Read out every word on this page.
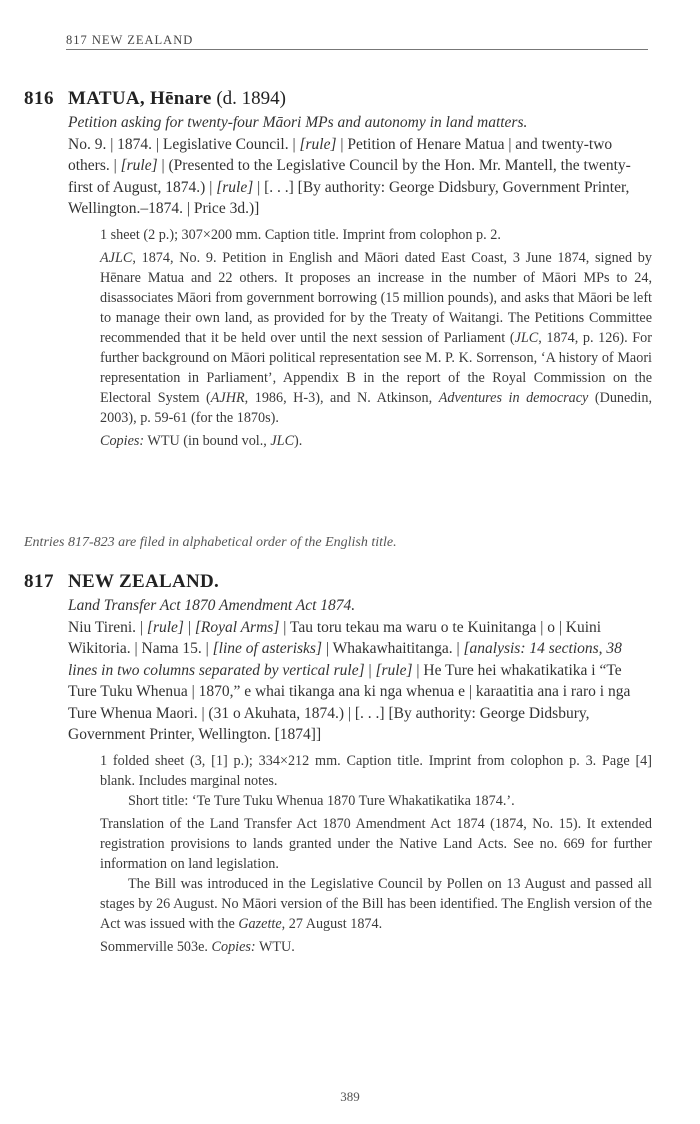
817 NEW ZEALAND
816 MATUA, Hēnare (d. 1894)
Petition asking for twenty-four Māori MPs and autonomy in land matters.
No. 9. | 1874. | Legislative Council. | [rule] | Petition of Henare Matua | and twenty-two others. | [rule] | (Presented to the Legislative Council by the Hon. Mr. Mantell, the twenty-first of August, 1874.) | [rule] | [. . .] [By authority: George Didsbury, Government Printer, Wellington.–1874. | Price 3d.)]
1 sheet (2 p.); 307×200 mm. Caption title. Imprint from colophon p. 2.
AJLC, 1874, No. 9. Petition in English and Māori dated East Coast, 3 June 1874, signed by Hēnare Matua and 22 others. It proposes an increase in the number of Māori MPs to 24, disassociates Māori from government borrowing (15 million pounds), and asks that Māori be left to manage their own land, as provided for by the Treaty of Waitangi. The Petitions Committee recommended that it be held over until the next session of Parliament (JLC, 1874, p. 126). For further background on Māori political representation see M. P. K. Sorrenson, ‘A history of Maori representation in Parliament’, Appendix B in the report of the Royal Commission on the Electoral System (AJHR, 1986, H-3), and N. Atkinson, Adventures in democracy (Dunedin, 2003), p. 59-61 (for the 1870s).
Copies: WTU (in bound vol., JLC).
Entries 817-823 are filed in alphabetical order of the English title.
817 NEW ZEALAND.
Land Transfer Act 1870 Amendment Act 1874.
Niu Tireni. | [rule] | [Royal Arms] | Tau toru tekau ma waru o te Kuinitanga | o | Kuini Wikitoria. | Nama 15. | [line of asterisks] | Whakawhaititanga. | [analysis: 14 sections, 38 lines in two columns separated by vertical rule] | [rule] | He Ture hei whakatikatika i “Te Ture Tuku Whenua | 1870,” e whai tikanga ana ki nga whenua e | karaatitia ana i raro i nga Ture Whenua Maori. | (31 o Akuhata, 1874.) | [. . .] [By authority: George Didsbury, Government Printer, Wellington. [1874]]
1 folded sheet (3, [1] p.); 334×212 mm. Caption title. Imprint from colophon p. 3. Page [4] blank. Includes marginal notes.
Short title: ‘Te Ture Tuku Whenua 1870 Ture Whakatikatika 1874.’.
Translation of the Land Transfer Act 1870 Amendment Act 1874 (1874, No. 15). It extended registration provisions to lands granted under the Native Land Acts. See no. 669 for further information on land legislation.
The Bill was introduced in the Legislative Council by Pollen on 13 August and passed all stages by 26 August. No Māori version of the Bill has been identified. The English version of the Act was issued with the Gazette, 27 August 1874.
Sommerville 503e. Copies: WTU.
389
